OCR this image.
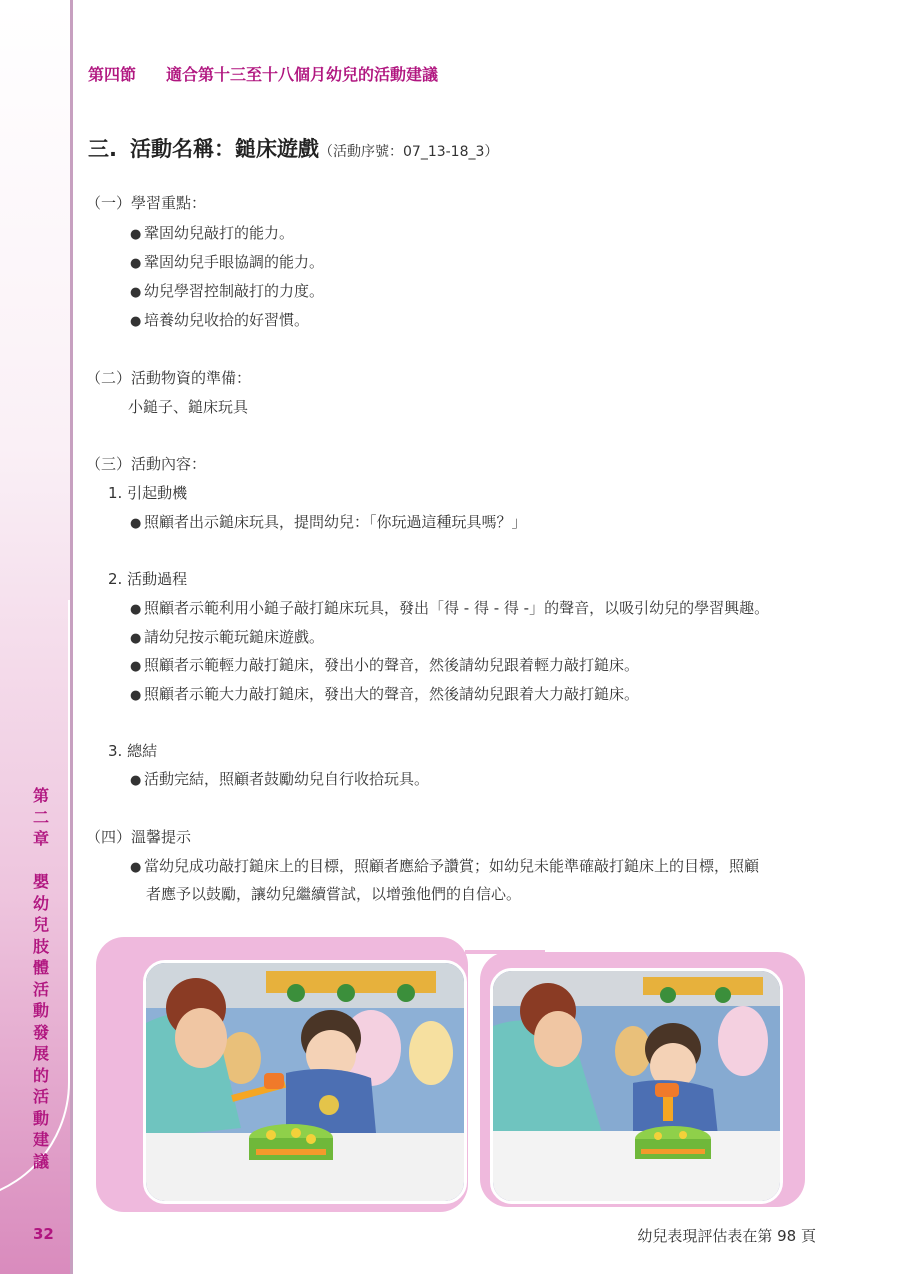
第
二
章
嬰
幼
兒
肢
體
活
動
發
展
的
活
動
建
議
32
第四節 適合第十三至十八個月幼兒的活動建議
三. 活動名稱：鎚床遊戲（活動序號：07_13-18_3）
（一）學習重點：
● 鞏固幼兒敲打的能力。
● 鞏固幼兒手眼協調的能力。
● 幼兒學習控制敲打的力度。
● 培養幼兒收拾的好習慣。
（二）活動物資的準備：
小鎚子、鎚床玩具
（三）活動內容：
1. 引起動機
● 照顧者出示鎚床玩具，提問幼兒：「你玩過這種玩具嗎？」
2. 活動過程
● 照顧者示範利用小鎚子敲打鎚床玩具，發出「得 - 得 - 得 -」的聲音，以吸引幼兒的學習興趣。
● 請幼兒按示範玩鎚床遊戲。
● 照顧者示範輕力敲打鎚床，發出小的聲音，然後請幼兒跟着輕力敲打鎚床。
● 照顧者示範大力敲打鎚床，發出大的聲音，然後請幼兒跟着大力敲打鎚床。
3. 總結
● 活動完結，照顧者鼓勵幼兒自行收拾玩具。
（四）溫馨提示
● 當幼兒成功敲打鎚床上的目標，照顧者應給予讚賞；如幼兒未能準確敲打鎚床上的目標，照顧
者應予以鼓勵，讓幼兒繼續嘗試，以增強他們的自信心。
幼兒表現評估表在第 98 頁
